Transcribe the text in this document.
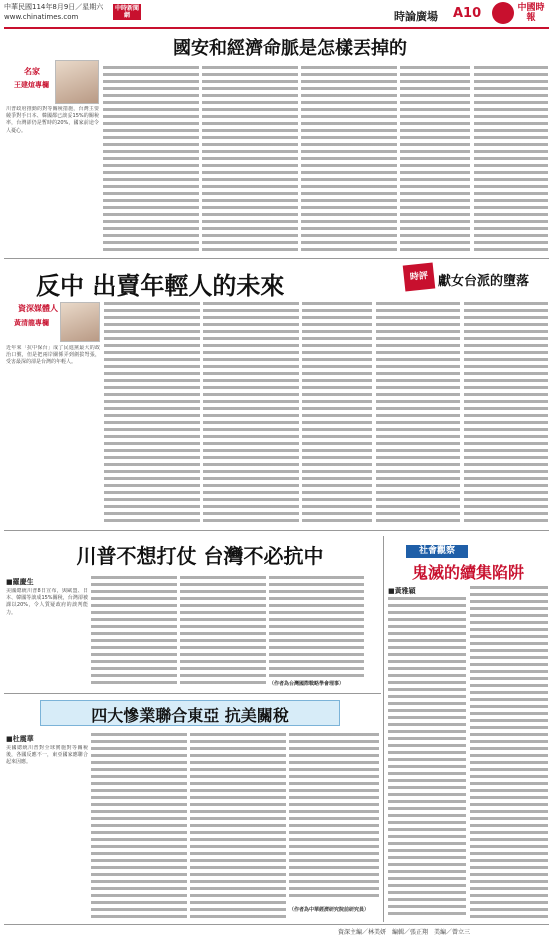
中華民國114年8月9日／星期六
www.chinatimes.com
中時新聞網	時論廣場 A10	中國時報
國安和經濟命脈是怎樣丟掉的
名家
王建煊專欄
川普政府推動的對等關稅措施，台灣主要競爭對手日本、韓國都已談妥15%的關稅率，台灣卻仍是暫時的20%，國家前途令人憂心。
反中 出賣年輕人的未來
資深媒體人
黃清龍專欄
近年來「抗中保台」成了民進黨最大的政治口號，但是把兩岸關係弄到劍拔弩張，受害最深的卻是台灣的年輕人。
時評 獻女台派的墮落
川普不想打仗 台灣不必抗中
■羅慶生
美國總統川普8日宣布，與歐盟、日本、韓國等談成15%關稅，台灣卻被課以20%，令人質疑政府的談判能力。
（作者為台灣國際戰略學會理事）
社會觀察
鬼滅的續集陷阱
■黃雅穎
四大慘業聯合東亞 抗美關稅
■杜震華
美國總統川普對全球實施對等關稅後，各國反應不一，東亞國家應聯合起來因應。
（作者為中華經濟研究院前研究員）
資深主編／林美妍　編輯／張正翔　美編／曾立三
